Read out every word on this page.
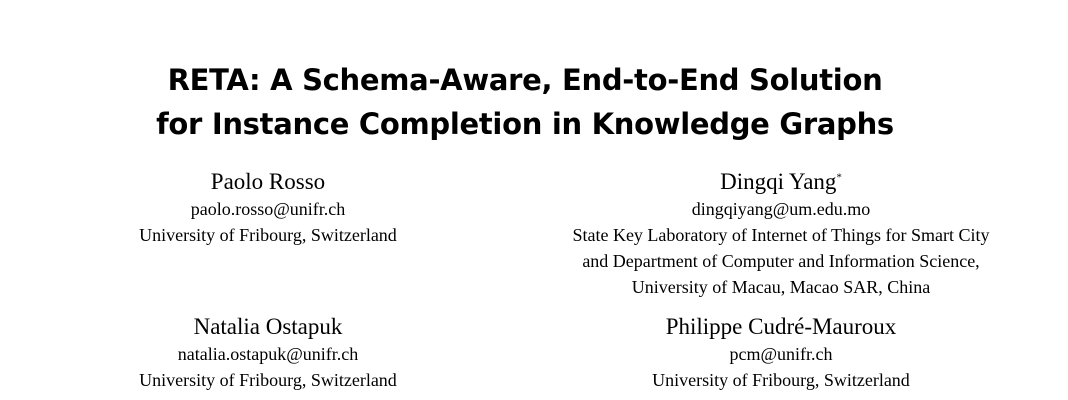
RETA: A Schema-Aware, End-to-End Solution
for Instance Completion in Knowledge Graphs
Paolo Rosso
paolo.rosso@unifr.ch
University of Fribourg, Switzerland
Dingqi Yang*
dingqiyang@um.edu.mo
State Key Laboratory of Internet of Things for Smart City
and Department of Computer and Information Science,
University of Macau, Macao SAR, China
Natalia Ostapuk
natalia.ostapuk@unifr.ch
University of Fribourg, Switzerland
Philippe Cudré-Mauroux
pcm@unifr.ch
University of Fribourg, Switzerland
